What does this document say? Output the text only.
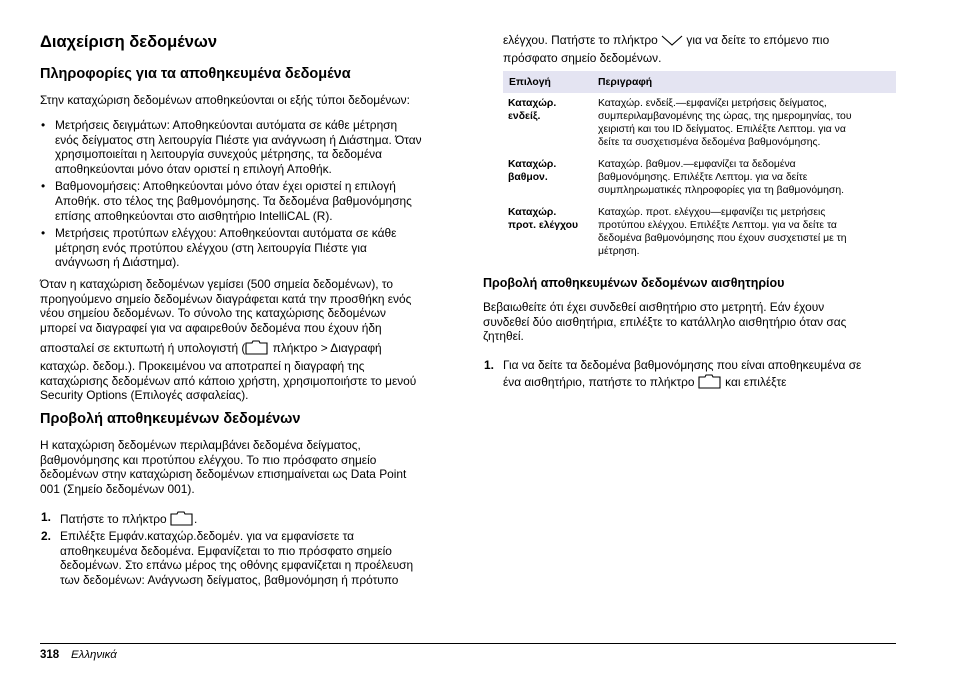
Διαχείριση δεδομένων
Πληροφορίες για τα αποθηκευμένα δεδομένα
Στην καταχώριση δεδομένων αποθηκεύονται οι εξής τύποι δεδομένων:
• Μετρήσεις δειγμάτων: Αποθηκεύονται αυτόματα σε κάθε μέτρηση
ενός δείγματος στη λειτουργία Πιέστε για ανάγνωση ή Διάστημα. Όταν
χρησιμοποιείται η λειτουργία συνεχούς μέτρησης, τα δεδομένα
αποθηκεύονται μόνο όταν οριστεί η επιλογή Αποθήκ.
• Βαθμονομήσεις: Αποθηκεύονται μόνο όταν έχει οριστεί η επιλογή
Αποθήκ. στο τέλος της βαθμονόμησης. Τα δεδομένα βαθμονόμησης
επίσης αποθηκεύονται στο αισθητήριο IntelliCAL (R).
• Μετρήσεις προτύπων ελέγχου: Αποθηκεύονται αυτόματα σε κάθε
μέτρηση ενός προτύπου ελέγχου (στη λειτουργία Πιέστε για
ανάγνωση ή Διάστημα).
Όταν η καταχώριση δεδομένων γεμίσει (500 σημεία δεδομένων), το
προηγούμενο σημείο δεδομένων διαγράφεται κατά την προσθήκη ενός
νέου σημείου δεδομένων. Το σύνολο της καταχώρισης δεδομένων
μπορεί να διαγραφεί για να αφαιρεθούν δεδομένα που έχουν ήδη
αποσταλεί σε εκτυπωτή ή υπολογιστή ( πλήκτρο > Διαγραφή
καταχώρ. δεδομ.). Προκειμένου να αποτραπεί η διαγραφή της
καταχώρισης δεδομένων από κάποιο χρήστη, χρησιμοποιήστε το μενού
Security Options (Επιλογές ασφαλείας).
Προβολή αποθηκευμένων δεδομένων
Η καταχώριση δεδομένων περιλαμβάνει δεδομένα δείγματος,
βαθμονόμησης και προτύπου ελέγχου. Το πιο πρόσφατο σημείο
δεδομένων στην καταχώριση δεδομένων επισημαίνεται ως Data Point
001 (Σημείο δεδομένων 001).
1. Πατήστε το πλήκτρο .
2. Επιλέξτε Εμφάν.καταχώρ.δεδομέν. για να εμφανίσετε τα
αποθηκευμένα δεδομένα. Εμφανίζεται το πιο πρόσφατο σημείο
δεδομένων. Στο επάνω μέρος της οθόνης εμφανίζεται η προέλευση
των δεδομένων: Ανάγνωση δείγματος, βαθμονόμηση ή πρότυπο
ελέγχου. Πατήστε το πλήκτρο  για να δείτε το επόμενο πιο
πρόσφατο σημείο δεδομένων.
Επιλογή	Περιγραφή
Καταχώρ.
ενδείξ.
Καταχώρ. ενδείξ.—εμφανίζει μετρήσεις δείγματος,
συμπεριλαμβανομένης της ώρας, της ημερομηνίας, του
χειριστή και του ID δείγματος. Επιλέξτε Λεπτομ. για να
δείτε τα συσχετισμένα δεδομένα βαθμονόμησης.
Καταχώρ.
βαθμον.
Καταχώρ. βαθμον.—εμφανίζει τα δεδομένα
βαθμονόμησης. Επιλέξτε Λεπτομ. για να δείτε
συμπληρωματικές πληροφορίες για τη βαθμονόμηση.
Καταχώρ.
προτ. ελέγχου
Καταχώρ. προτ. ελέγχου—εμφανίζει τις μετρήσεις
προτύπου ελέγχου. Επιλέξτε Λεπτομ. για να δείτε τα
δεδομένα βαθμονόμησης που έχουν συσχετιστεί με τη
μέτρηση.
Προβολή αποθηκευμένων δεδομένων αισθητηρίου
Βεβαιωθείτε ότι έχει συνδεθεί αισθητήριο στο μετρητή. Εάν έχουν
συνδεθεί δύο αισθητήρια, επιλέξτε το κατάλληλο αισθητήριο όταν σας
ζητηθεί.
1. Για να δείτε τα δεδομένα βαθμονόμησης που είναι αποθηκευμένα σε
ένα αισθητήριο, πατήστε το πλήκτρο  και επιλέξτε
318 Ελληνικά
